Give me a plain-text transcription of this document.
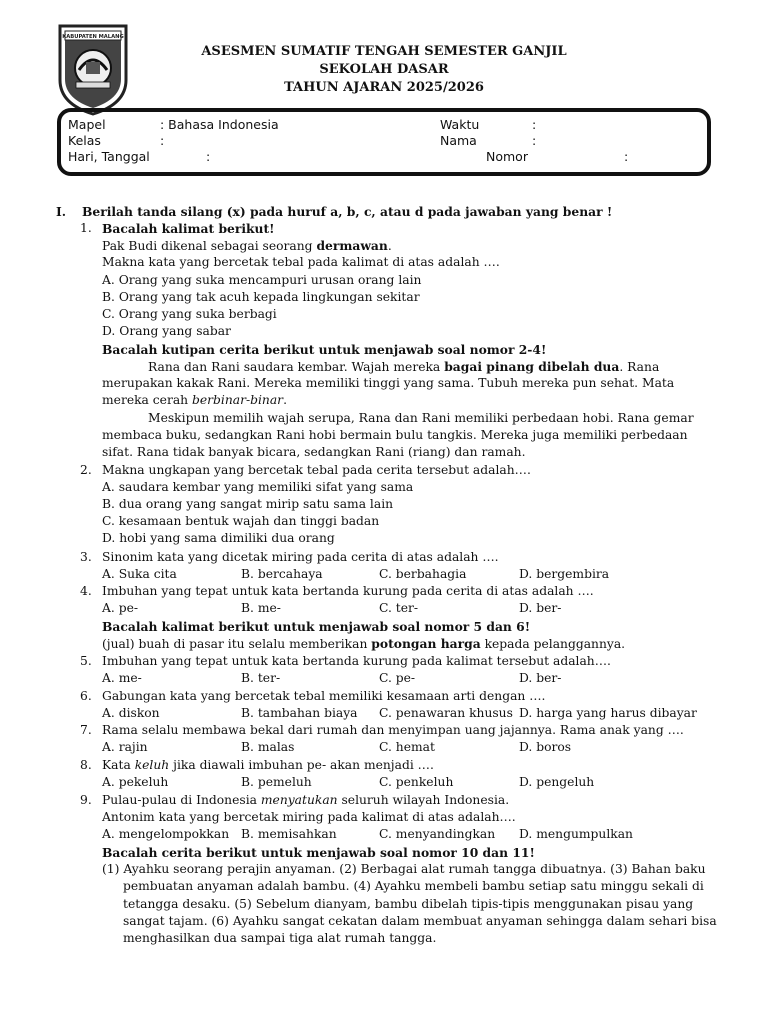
KABUPATEN MALANG
ASESMEN SUMATIF TENGAH SEMESTER GANJIL
SEKOLAH DASAR
TAHUN AJARAN 2025/2026
Mapel	: Bahasa Indonesia
Kelas	:
Hari, Tanggal	:
Waktu	:
Nama	:
Nomor	:
I. Berilah tanda silang (x) pada huruf a, b, c, atau d pada jawaban yang benar !
1. Bacalah kalimat berikut!
Pak Budi dikenal sebagai seorang dermawan.
Makna kata yang bercetak tebal pada kalimat di atas adalah ….
A. Orang yang suka mencampuri urusan orang lain
B. Orang yang tak acuh kepada lingkungan sekitar
C. Orang yang suka berbagi
D. Orang yang sabar
Bacalah kutipan cerita berikut untuk menjawab soal nomor 2-4!
Rana dan Rani saudara kembar. Wajah mereka bagai pinang dibelah dua. Rana
merupakan kakak Rani. Mereka memiliki tinggi yang sama. Tubuh mereka pun sehat. Mata
mereka cerah berbinar-binar.
Meskipun memilih wajah serupa, Rana dan Rani memiliki perbedaan hobi. Rana gemar
membaca buku, sedangkan Rani hobi bermain bulu tangkis. Mereka juga memiliki perbedaan
sifat. Rana tidak banyak bicara, sedangkan Rani (riang) dan ramah.
2. Makna ungkapan yang bercetak tebal pada cerita tersebut adalah….
A. saudara kembar yang memiliki sifat yang sama
B. dua orang yang sangat mirip satu sama lain
C. kesamaan bentuk wajah dan tinggi badan
D. hobi yang sama dimiliki dua orang
3. Sinonim kata yang dicetak miring pada cerita di atas adalah ….
A. Suka cita	B. bercahaya	C. berbahagia	D. bergembira
4. Imbuhan yang tepat untuk kata bertanda kurung pada cerita di atas adalah ….
A. pe-	B. me-	C. ter-	D. ber-
Bacalah kalimat berikut untuk menjawab soal nomor 5 dan 6!
(jual) buah di pasar itu selalu memberikan potongan harga kepada pelanggannya.
5. Imbuhan yang tepat untuk kata bertanda kurung pada kalimat tersebut adalah….
A. me-	B. ter-	C. pe-	D. ber-
6. Gabungan kata yang bercetak tebal memiliki kesamaan arti dengan ….
A. diskon	B. tambahan biaya C. penawaran khusus D. harga yang harus dibayar
7. Rama selalu membawa bekal dari rumah dan menyimpan uang jajannya. Rama anak yang ….
A. rajin	B. malas	C. hemat	D. boros
8. Kata keluh jika diawali imbuhan pe- akan menjadi ….
A. pekeluh	B. pemeluh	C. penkeluh	D. pengeluh
9. Pulau-pulau di Indonesia menyatukan seluruh wilayah Indonesia.
Antonim kata yang bercetak miring pada kalimat di atas adalah….
A. mengelompokkan B. memisahkan	C. menyandingkan D. mengumpulkan
Bacalah cerita berikut untuk menjawab soal nomor 10 dan 11!
(1) Ayahku seorang perajin anyaman. (2) Berbagai alat rumah tangga dibuatnya. (3) Bahan baku
pembuatan anyaman adalah bambu. (4) Ayahku membeli bambu setiap satu minggu sekali di
tetangga desaku. (5) Sebelum dianyam, bambu dibelah tipis-tipis menggunakan pisau yang
sangat tajam. (6) Ayahku sangat cekatan dalam membuat anyaman sehingga dalam sehari bisa
menghasilkan dua sampai tiga alat rumah tangga.
